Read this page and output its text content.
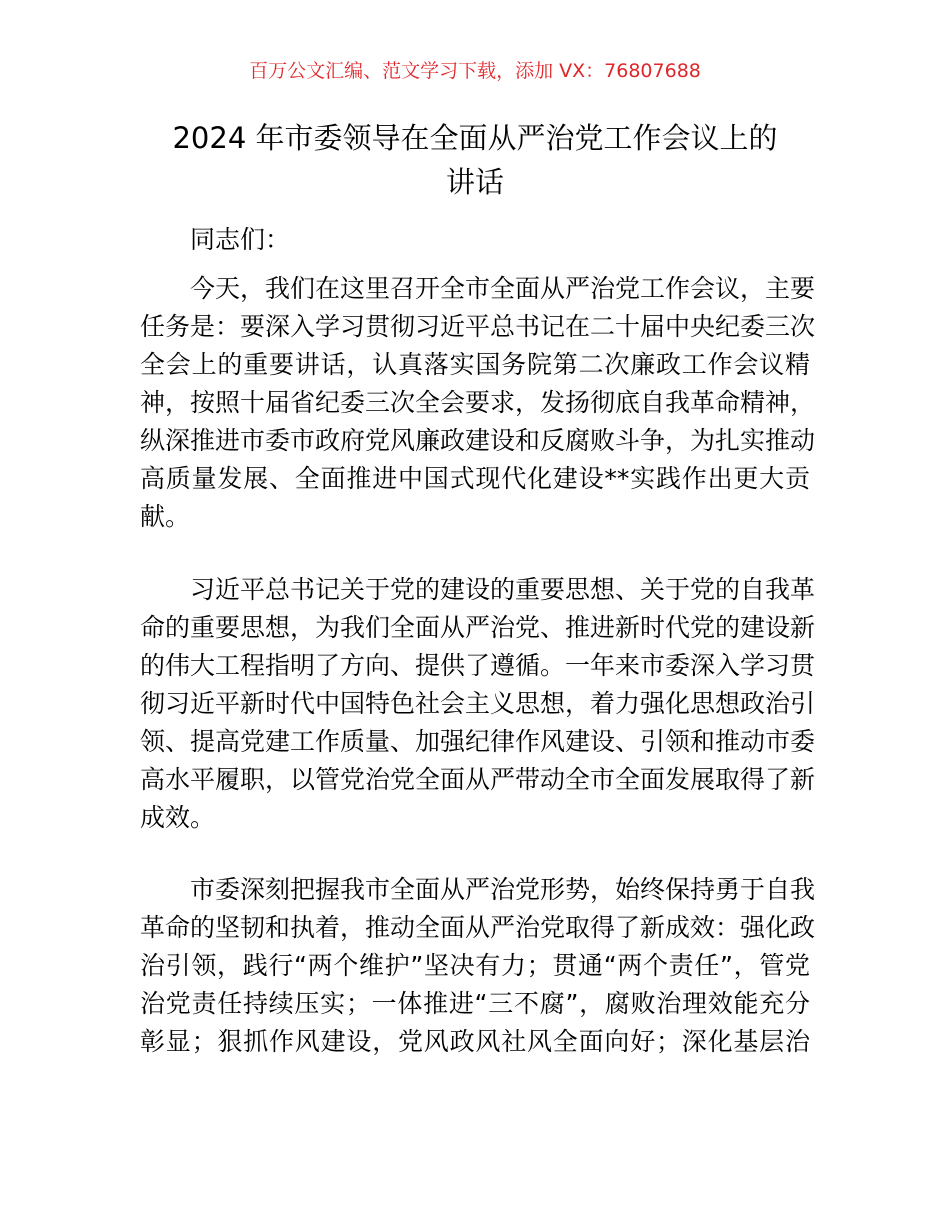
百万公文汇编、范文学习下载，添加 VX：76807688
2024 年市委领导在全面从严治党工作会议上的
讲话
同志们：
今天，我们在这里召开全市全面从严治党工作会议，主要
任务是：要深入学习贯彻习近平总书记在二十届中央纪委三次
全会上的重要讲话，认真落实国务院第二次廉政工作会议精
神，按照十届省纪委三次全会要求，发扬彻底自我革命精神，
纵深推进市委市政府党风廉政建设和反腐败斗争，为扎实推动
高质量发展、全面推进中国式现代化建设**实践作出更大贡
献。
习近平总书记关于党的建设的重要思想、关于党的自我革
命的重要思想，为我们全面从严治党、推进新时代党的建设新
的伟大工程指明了方向、提供了遵循。一年来市委深入学习贯
彻习近平新时代中国特色社会主义思想，着力强化思想政治引
领、提高党建工作质量、加强纪律作风建设、引领和推动市委
高水平履职，以管党治党全面从严带动全市全面发展取得了新
成效。
市委深刻把握我市全面从严治党形势，始终保持勇于自我
革命的坚韧和执着，推动全面从严治党取得了新成效：强化政
治引领，践行“两个维护”坚决有力；贯通“两个责任”，管党
治党责任持续压实；一体推进“三不腐”，腐败治理效能充分
彰显；狠抓作风建设，党风政风社风全面向好；深化基层治
